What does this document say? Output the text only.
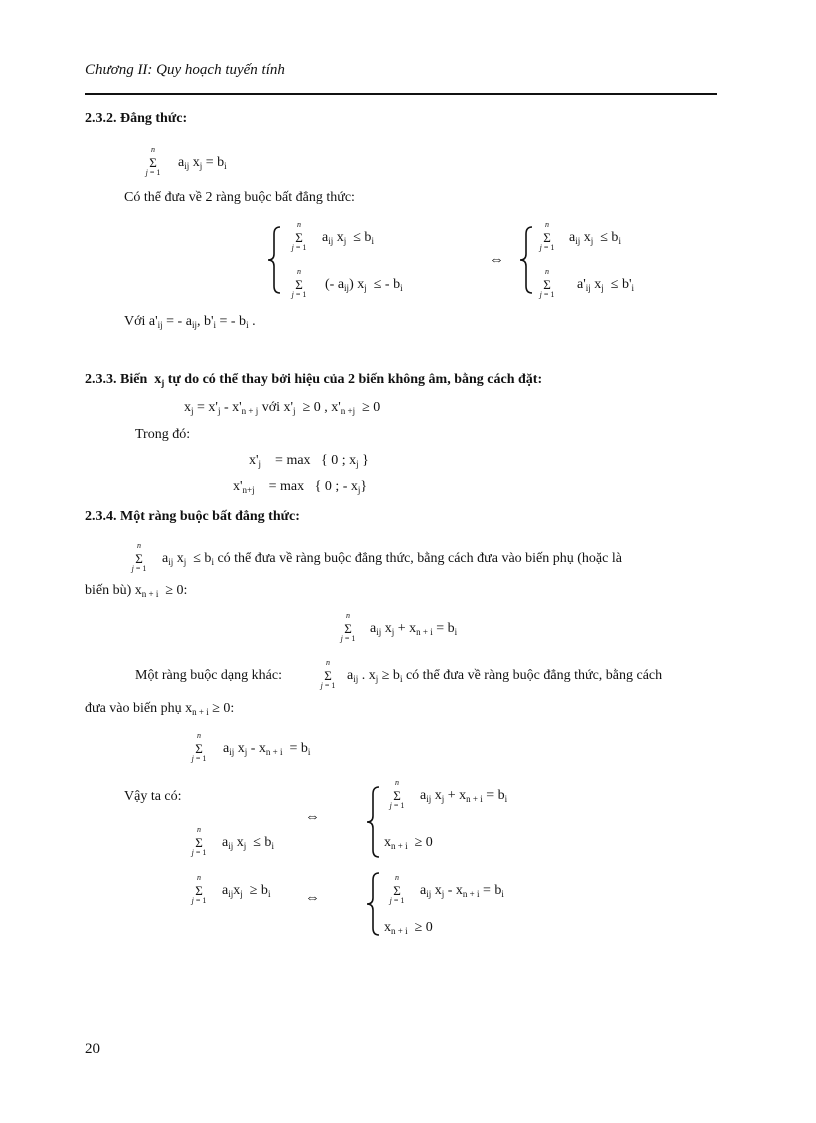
Chương II: Quy hoạch tuyến tính
2.3.2. Đẳng thức:
n
Σ
j = 1
$a_{ij}$ $x_j = b_i$
Có thể đưa về 2 ràng buộc bất đẳng thức:
n
Σ
j = 1
$a_{ij}$ $x_j \le b_i$
n
Σ
j = 1
(- $a_{ij}$) $x_j$ ≤ - $b_i$
⇔
n
Σ
j = 1
$a_{ij}$ $x_j \le b_i$
n
Σ
j = 1
$a'_{ij}$ $x_j \le b'_i$
Với $a'_{ij}$ = - $a_{ij}$, $b'_i$ = - $b_i$ .
2.3.3. Biến $x_j$ tự do có thể thay bởi hiệu của 2 biến không âm, bằng cách đặt:
$x_j = x'_j - x'_{n + j}$ với $x'_j \ge 0$ , $x'_{n +j} \ge 0$
Trong đó:
$x'_j = \max$ { 0 ; $x_j$ }
$x'_{n+j} = \max$ { 0 ; - $x_j$}
2.3.4. Một ràng buộc bất đẳng thức:
n
Σ
j = 1
$a_{ij}$ $x_j \le b_i$ có thể đưa về ràng buộc đẳng thức, bằng cách đưa vào biến phụ (hoặc là
biến bù) $x_{n + i} \ge 0$:
n
Σ
j = 1
$a_{ij}$ $x_j + x_{n + i} = b_i$
Một ràng buộc dạng khác:
n
Σ
j = 1
$a_{ij}$ . $x_j \ge b_i$ có thể đưa về ràng buộc đẳng thức, bằng cách
đưa vào biến phụ $x_{n + i} \ge 0$:
n
Σ
j = 1
$a_{ij}$ $x_j - x_{n + i} = b_i$
Vậy ta có:
n
Σ
j = 1
$a_{ij}$ $x_j \le b_i$
⇔
n
Σ
j = 1
$a_{ij}$ $x_j + x_{n + i} = b_i$
$x_{n + i} \ge 0$
n
Σ
j = 1
$a_{ij}x_j \ge b_i$ ⇔
n
Σ
j = 1
$a_{ij}$ $x_j - x_{n + i} = b_i$
$x_{n + i} \ge 0$
20
